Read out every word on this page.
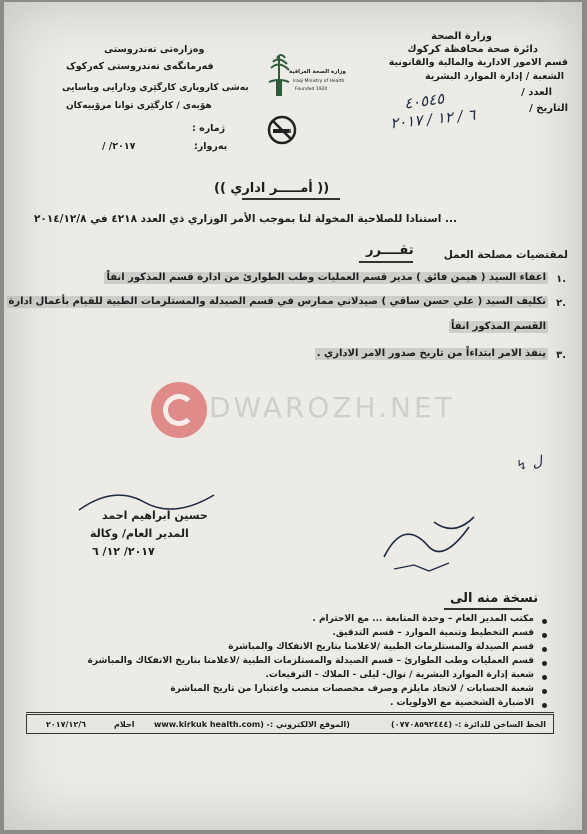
وزارة الصحة
دائرة صحة محافظة كركوك
قسم الامور الادارية والمالية والقانونية
الشعبة / إدارة الموارد البشرية
العدد /
التاريخ /
٤٠٥٤٥
٦ / ١٢ / ٢٠١٧
وەزارەتى تەندروستى
فەرمانگەی تەندروستی کەرکوک
بەشی کاروباری کارگێری ودارایی ویاسایی
هۆبەی / کارگێری توانا مرۆییەکان
ژمارە :
بەروار:
/ /٢٠١٧
وزارة الصحة العراقية
Iraqi Ministry of Health
Founded 1920
(( أمـــــر اداري ))
... استنادا للصلاحية المخولة لنا بموجب الأمر الوزاري ذي العدد ٤٢١٨ في ٢٠١٤/١٢/٨
لمقتضيات مصلحة العمل
تقــــرر
١.
اعفاء السيد ( هيمن فائق ) مدير قسم العمليات وطب الطوارئ من ادارة قسم المذكور انفاً
٢.
تكليف السيد ( علي حسن ساقي ) صيدلاني ممارس في قسم الصيدلة والمستلزمات الطبية للقيام بأعمال ادارة
القسم المذكور انفاً
٣.
ينفذ الامر ابتداءاً من تاريخ صدور الامر الاداري .
DWAROZH.NET
↯ ل
حسين ابراهيم احمد
المدير العام/ وكالة
٢٠١٧/ ١٢/ ٦
نسخة منه الى
مكتب المدير العام – وحدة المتابعة ... مع الاحترام .
قسم التخطيط وتنمية الموارد – قسم التدقيق.
قسم الصيدلة والمستلزمات الطبية /لاعلامنا بتاريخ الانفكاك والمباشرة
قسم العمليات وطب الطوارئ – قسم الصيدلة والمستلزمات الطبية /لاعلامنا بتاريخ الانفكاك والمباشرة
شعبة إدارة الموارد البشرية / نوال- ليلى - الملاك - الترفيعات.
شعبة الحسابات / لاتخاذ مايلزم وصرف مخصصات منصب واعتبارا من تاريخ المباشرة
الاضبارة الشخصية مع الاولويات .
الخط الساخن للدائرة :- (٠٧٧٠٨٥٩٢٤٤٤)
(الموقع الالكتروني :- (www.kirkuk health.com
احلام
٢٠١٧/١٢/٦
